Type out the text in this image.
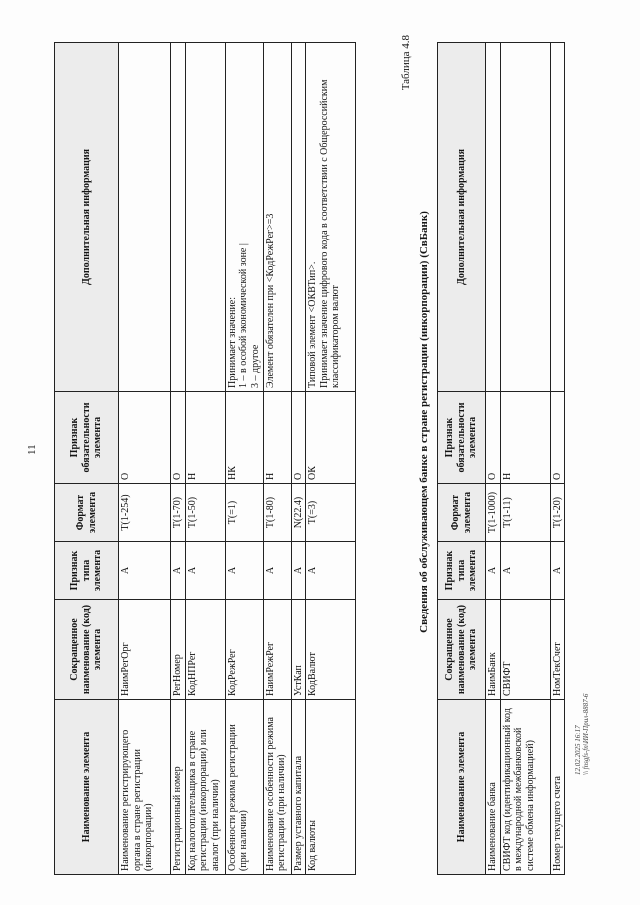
11
Наименование элемента	Сокращенное наименование (код) элемента	Признак типа элемента	Формат элемента	Признак обязательности элемента	Дополнительная информация
Наименование регистрирующего органа в стране регистрации (инкорпорации)	НаимРегОрг	А	Т(1-254)	О	
Регистрационный номер	РегНомер	А	Т(1-70)	О	
Код налогоплательщика в стране регистрации (инкорпорации) или аналог (при наличии)	КодНПРег	А	Т(1-50)	Н	
Особенности режима регистрации (при наличии)	КодРежРег	А	Т(=1)	НК	Принимает значение:
1 – в особой экономической зоне |
3 – другое
Наименование особенности режима регистрации (при наличии)	НаимРежРег	А	Т(1-80)	Н	Элемент обязателен при <КодРежРег>=3
Размер уставного капитала	УстКап	А	N(22.4)	О	
Код валюты	КодВалют	А	Т(=3)	ОК	Типовой элемент <ОКВТип>.
Принимает значение цифрового кода в соответствии с Общероссийским классификатором валют
Таблица 4.8
Сведения об обслуживающем банке в стране регистрации (инкорпорации) (СвБанк)
Наименование элемента	Сокращенное наименование (код) элемента	Признак типа элемента	Формат элемента	Признак обязательности элемента	Дополнительная информация
Наименование банка	НаимБанк	А	Т(1-1000)	О	
СВИФТ код (идентификационный код в международной межбанковской системе обмена информацией)	СВИФТ	А	Т(1-11)	Н	
Номер текущего счета	НомТекСчет	А	Т(1-20)	О	
12.02.2025 16:17 \\ fnsgfs-fn\ИИ-Прил-8887-6
